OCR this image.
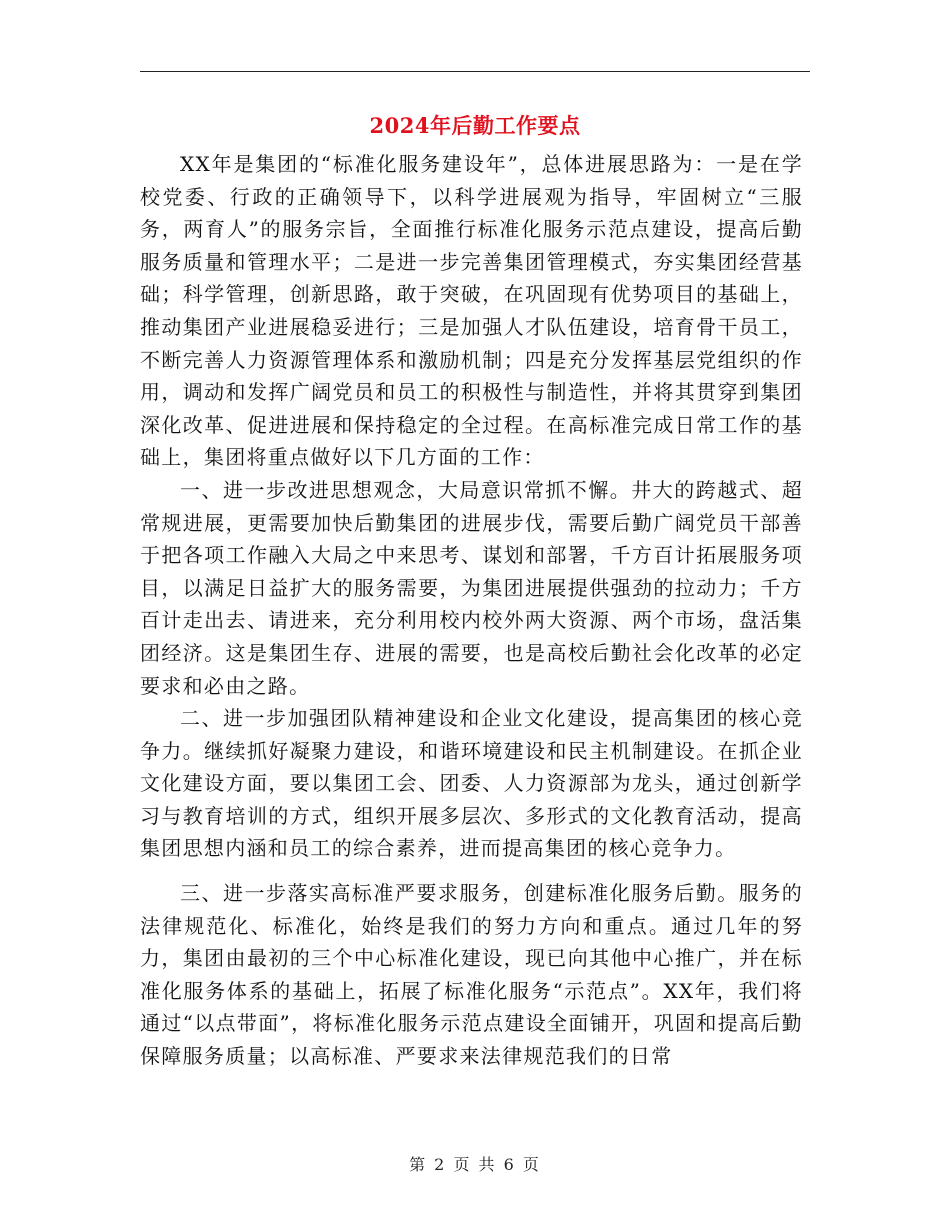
2024年后勤工作要点

XX年是集团的“标准化服务建设年”，总体进展思路为：一是在学校党委、行政的正确领导下，以科学进展观为指导，牢固树立“三服务，两育人”的服务宗旨，全面推行标准化服务示范点建设，提高后勤服务质量和管理水平；二是进一步完善集团管理模式，夯实集团经营基础；科学管理，创新思路，敢于突破，在巩固现有优势项目的基础上，推动集团产业进展稳妥进行；三是加强人才队伍建设，培育骨干员工，不断完善人力资源管理体系和激励机制；四是充分发挥基层党组织的作用，调动和发挥广阔党员和员工的积极性与制造性，并将其贯穿到集团深化改革、促进进展和保持稳定的全过程。在高标准完成日常工作的基础上，集团将重点做好以下几方面的工作：

一、进一步改进思想观念，大局意识常抓不懈。井大的跨越式、超常规进展，更需要加快后勤集团的进展步伐，需要后勤广阔党员干部善于把各项工作融入大局之中来思考、谋划和部署，千方百计拓展服务项目，以满足日益扩大的服务需要，为集团进展提供强劲的拉动力；千方百计走出去、请进来，充分利用校内校外两大资源、两个市场，盘活集团经济。这是集团生存、进展的需要，也是高校后勤社会化改革的必定要求和必由之路。

二、进一步加强团队精神建设和企业文化建设，提高集团的核心竞争力。继续抓好凝聚力建设，和谐环境建设和民主机制建设。在抓企业文化建设方面，要以集团工会、团委、人力资源部为龙头，通过创新学习与教育培训的方式，组织开展多层次、多形式的文化教育活动，提高集团思想内涵和员工的综合素养，进而提高集团的核心竞争力。

三、进一步落实高标准严要求服务，创建标准化服务后勤。服务的法律规范化、标准化，始终是我们的努力方向和重点。通过几年的努力，集团由最初的三个中心标准化建设，现已向其他中心推广，并在标准化服务体系的基础上，拓展了标准化服务“示范点”。XX年，我们将通过“以点带面”，将标准化服务示范点建设全面铺开，巩固和提高后勤保障服务质量；以高标准、严要求来法律规范我们的日常

第 2 页 共 6 页
